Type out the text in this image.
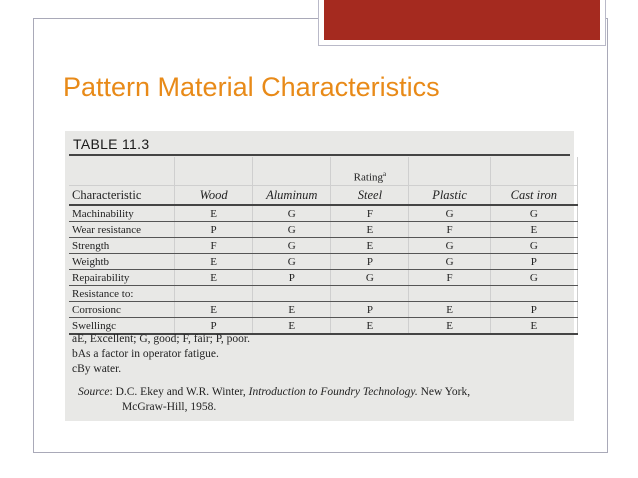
Pattern Material Characteristics
TABLE 11.3
			Rating$^a$		
Characteristic	Wood	Aluminum	Steel	Plastic	Cast iron
Machinability	E	G	F	G	G
Wear resistance	P	G	E	F	E
Strength	F	G	E	G	G
Weightb	E	G	P	G	P
Repairability	E	P	G	F	G
Resistance to:					
Corrosionc	E	E	P	E	P
Swellingc	P	E	E	E	E
aE, Excellent; G, good; F, fair; P, poor.
bAs a factor in operator fatigue.
cBy water.
Source: D.C. Ekey and W.R. Winter, Introduction to Foundry Technology. New York,
McGraw-Hill, 1958.
